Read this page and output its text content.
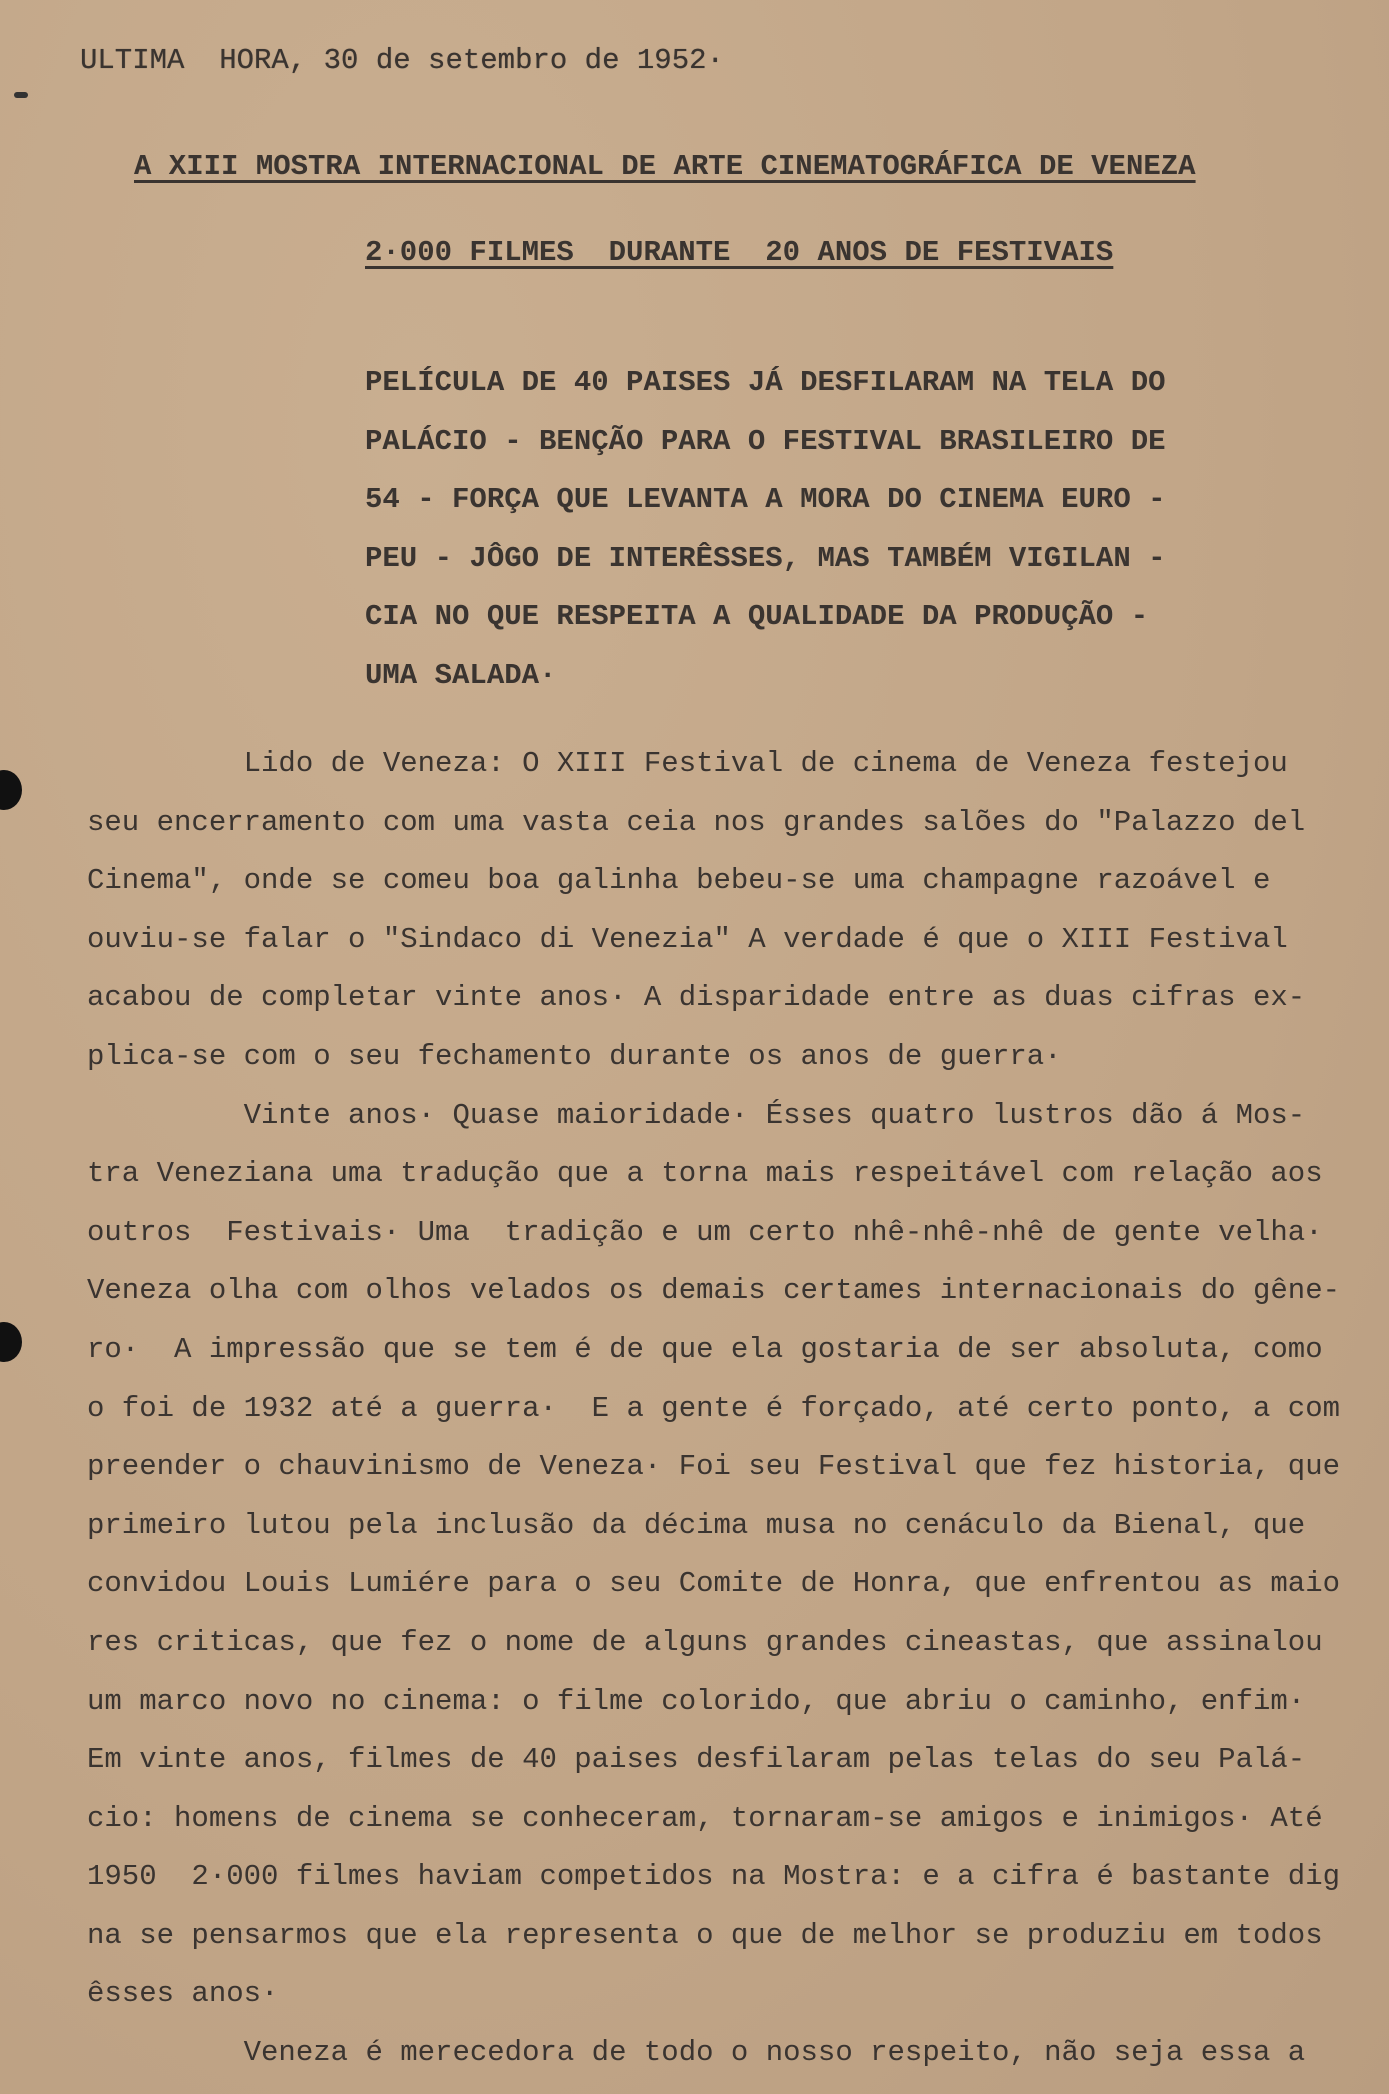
ULTIMA  HORA, 30 de setembro de 1952·
A XIII MOSTRA INTERNACIONAL DE ARTE CINEMATOGRÁFICA DE VENEZA
2·000 FILMES  DURANTE  20 ANOS DE FESTIVAIS
PELÍCULA DE 40 PAISES JÁ DESFILARAM NA TELA DO
PALÁCIO - BENÇÃO PARA O FESTIVAL BRASILEIRO DE
54 - FORÇA QUE LEVANTA A MORA DO CINEMA EURO -
PEU - JÔGO DE INTERÊSSES, MAS TAMBÉM VIGILAN -
CIA NO QUE RESPEITA A QUALIDADE DA PRODUÇÃO -
UMA SALADA·
Lido de Veneza: O XIII Festival de cinema de Veneza festejou
seu encerramento com uma vasta ceia nos grandes salões do "Palazzo del
Cinema", onde se comeu boa galinha bebeu-se uma champagne razoável e
ouviu-se falar o "Sindaco di Venezia" A verdade é que o XIII Festival
acabou de completar vinte anos· A disparidade entre as duas cifras ex-
plica-se com o seu fechamento durante os anos de guerra·
Vinte anos· Quase maioridade· Ésses quatro lustros dão á Mos-
tra Veneziana uma tradução que a torna mais respeitável com relação aos
outros  Festivais· Uma  tradição e um certo nhê-nhê-nhê de gente velha·
Veneza olha com olhos velados os demais certames internacionais do gêne-
ro·  A impressão que se tem é de que ela gostaria de ser absoluta, como
o foi de 1932 até a guerra·  E a gente é forçado, até certo ponto, a com
preender o chauvinismo de Veneza· Foi seu Festival que fez historia, que
primeiro lutou pela inclusão da décima musa no cenáculo da Bienal, que
convidou Louis Lumiére para o seu Comite de Honra, que enfrentou as maio
res criticas, que fez o nome de alguns grandes cineastas, que assinalou
um marco novo no cinema: o filme colorido, que abriu o caminho, enfim·
Em vinte anos, filmes de 40 paises desfilaram pelas telas do seu Palá-
cio: homens de cinema se conheceram, tornaram-se amigos e inimigos· Até
1950  2·000 filmes haviam competidos na Mostra: e a cifra é bastante dig
na se pensarmos que ela representa o que de melhor se produziu em todos
êsses anos·
Veneza é merecedora de todo o nosso respeito, não seja essa a
